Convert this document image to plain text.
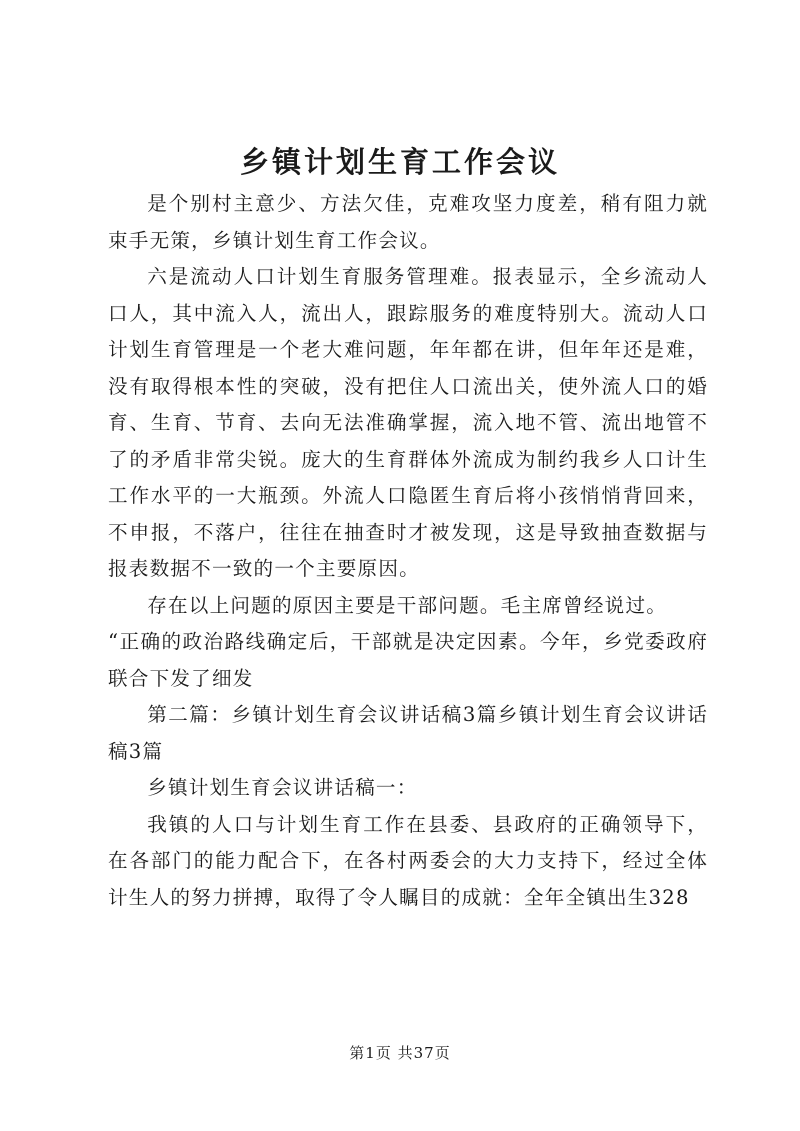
乡镇计划生育工作会议

是个别村主意少、方法欠佳，克难攻坚力度差，稍有阻力就束手无策，乡镇计划生育工作会议。

六是流动人口计划生育服务管理难。报表显示，全乡流动人口人，其中流入人，流出人，跟踪服务的难度特别大。流动人口计划生育管理是一个老大难问题，年年都在讲，但年年还是难，没有取得根本性的突破，没有把住人口流出关，使外流人口的婚育、生育、节育、去向无法准确掌握，流入地不管、流出地管不了的矛盾非常尖锐。庞大的生育群体外流成为制约我乡人口计生工作水平的一大瓶颈。外流人口隐匿生育后将小孩悄悄背回来，不申报，不落户，往往在抽查时才被发现，这是导致抽查数据与报表数据不一致的一个主要原因。

存在以上问题的原因主要是干部问题。毛主席曾经说过。

“正确的政治路线确定后，干部就是决定因素。今年，乡党委政府联合下发了细发

第二篇：乡镇计划生育会议讲话稿3篇乡镇计划生育会议讲话稿3篇

乡镇计划生育会议讲话稿一：

我镇的人口与计划生育工作在县委、县政府的正确领导下，在各部门的能力配合下，在各村两委会的大力支持下，经过全体计生人的努力拼搏，取得了令人瞩目的成就：全年全镇出生328

第1页 共37页
